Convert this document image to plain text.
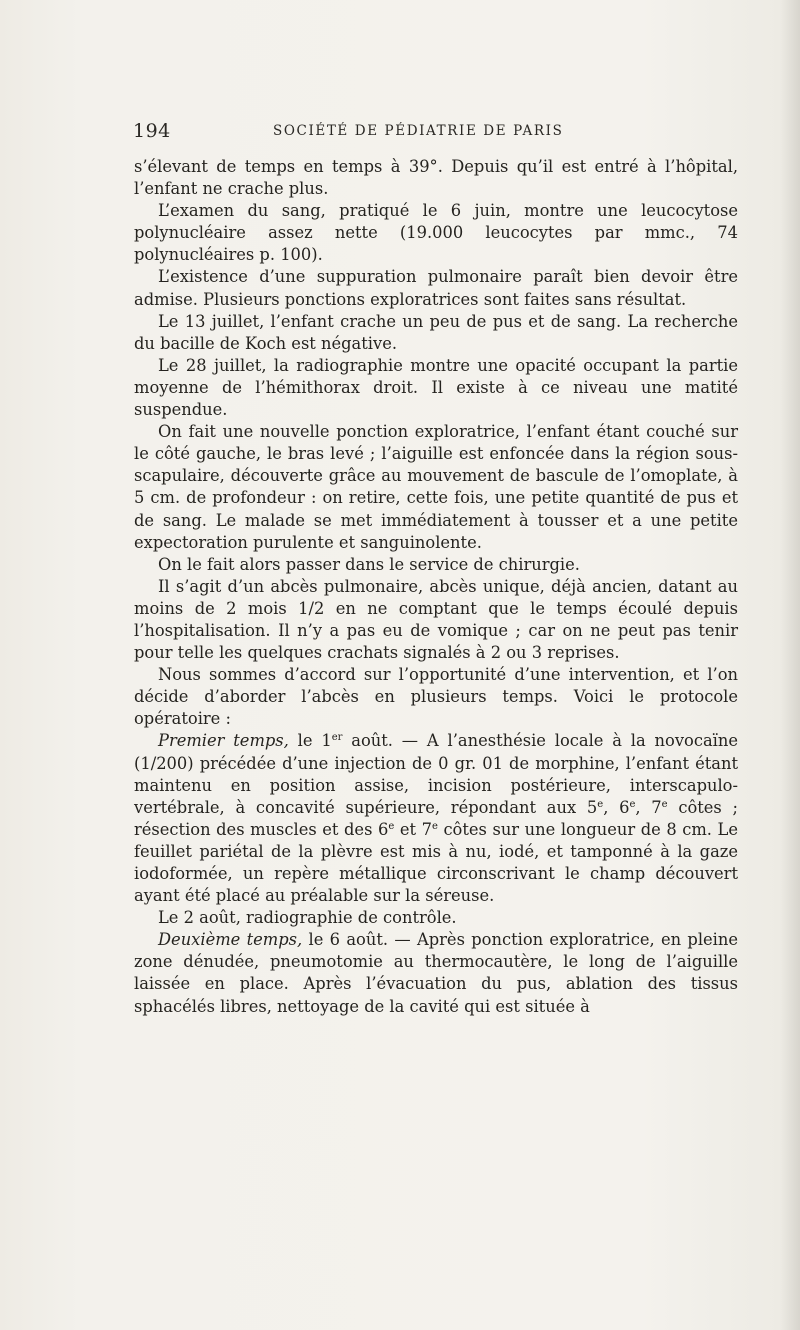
194	SOCIÉTÉ DE PÉDIATRIE DE PARIS

s’élevant de temps en temps à 39°. Depuis qu’il est entré à l’hôpital, l’enfant ne crache plus.

L’examen du sang, pratiqué le 6 juin, montre une leucocytose polynucléaire assez nette (19.000 leucocytes par mmc., 74 polynucléaires p. 100).

L’existence d’une suppuration pulmonaire paraît bien devoir être admise. Plusieurs ponctions exploratrices sont faites sans résultat.

Le 13 juillet, l’enfant crache un peu de pus et de sang. La recherche du bacille de Koch est négative.

Le 28 juillet, la radiographie montre une opacité occupant la partie moyenne de l’hémithorax droit. Il existe à ce niveau une matité suspendue.

On fait une nouvelle ponction exploratrice, l’enfant étant couché sur le côté gauche, le bras levé ; l’aiguille est enfoncée dans la région sous-scapulaire, découverte grâce au mouvement de bascule de l’omoplate, à 5 cm. de profondeur : on retire, cette fois, une petite quantité de pus et de sang. Le malade se met immédiatement à tousser et a une petite expectoration purulente et sanguinolente.

On le fait alors passer dans le service de chirurgie.

Il s’agit d’un abcès pulmonaire, abcès unique, déjà ancien, datant au moins de 2 mois 1/2 en ne comptant que le temps écoulé depuis l’hospitalisation. Il n’y a pas eu de vomique ; car on ne peut pas tenir pour telle les quelques crachats signalés à 2 ou 3 reprises.

Nous sommes d’accord sur l’opportunité d’une intervention, et l’on décide d’aborder l’abcès en plusieurs temps. Voici le protocole opératoire :

Premier temps, le 1er août. — A l’anesthésie locale à la novocaïne (1/200) précédée d’une injection de 0 gr. 01 de morphine, l’enfant étant maintenu en position assise, incision postérieure, interscapulo-vertébrale, à concavité supérieure, répondant aux 5e, 6e, 7e côtes ; résection des muscles et des 6e et 7e côtes sur une longueur de 8 cm. Le feuillet pariétal de la plèvre est mis à nu, iodé, et tamponné à la gaze iodoformée, un repère métallique circonscrivant le champ découvert ayant été placé au préalable sur la séreuse.

Le 2 août, radiographie de contrôle.

Deuxième temps, le 6 août. — Après ponction exploratrice, en pleine zone dénudée, pneumotomie au thermocautère, le long de l’aiguille laissée en place. Après l’évacuation du pus, ablation des tissus sphacélés libres, nettoyage de la cavité qui est située à
